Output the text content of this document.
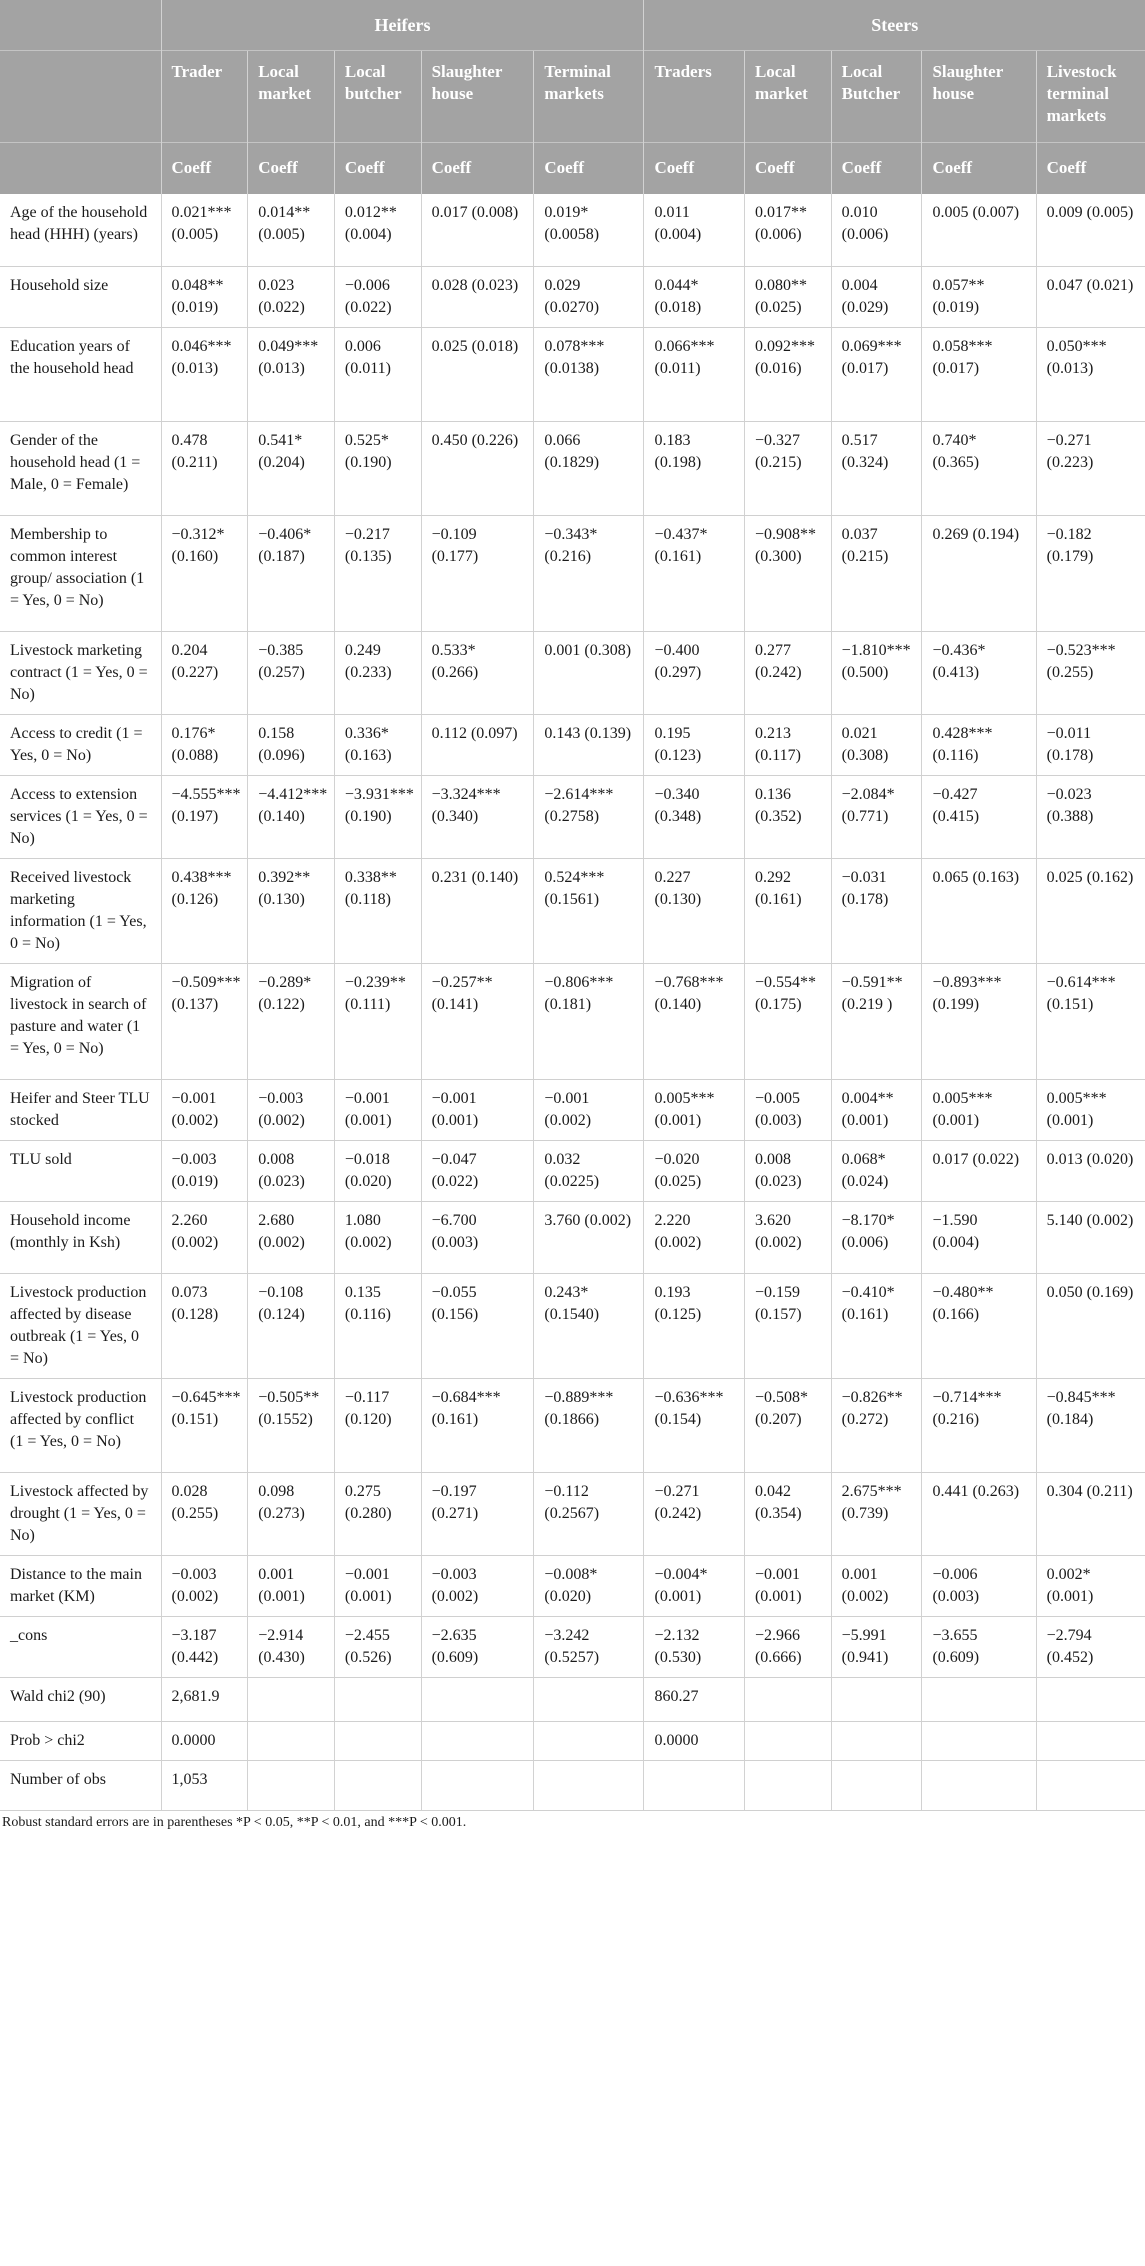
	Heifers					Steers				
	Trader	Local market	Local butcher	Slaughter house	Terminal markets	Traders	Local market	Local Butcher	Slaughter house	Livestock terminal markets
	Coeff	Coeff	Coeff	Coeff	Coeff	Coeff	Coeff	Coeff	Coeff	Coeff
Age of the household head (HHH) (years)	0.021*** (0.005)	0.014** (0.005)	0.012** (0.004)	0.017 (0.008)	0.019* (0.0058)	0.011 (0.004)	0.017** (0.006)	0.010 (0.006)	0.005 (0.007)	0.009 (0.005)
Household size	0.048** (0.019)	0.023 (0.022)	−0.006 (0.022)	0.028 (0.023)	0.029 (0.0270)	0.044* (0.018)	0.080** (0.025)	0.004 (0.029)	0.057** (0.019)	0.047 (0.021)
Education years of the household head	0.046*** (0.013)	0.049*** (0.013)	0.006 (0.011)	0.025 (0.018)	0.078*** (0.0138)	0.066*** (0.011)	0.092*** (0.016)	0.069*** (0.017)	0.058*** (0.017)	0.050*** (0.013)
Gender of the household head (1 = Male, 0 = Female)	0.478 (0.211)	0.541* (0.204)	0.525* (0.190)	0.450 (0.226)	0.066 (0.1829)	0.183 (0.198)	−0.327 (0.215)	0.517 (0.324)	0.740* (0.365)	−0.271 (0.223)
Membership to common interest group/ association (1 = Yes, 0 = No)	−0.312* (0.160)	−0.406* (0.187)	−0.217 (0.135)	−0.109 (0.177)	−0.343* (0.216)	−0.437* (0.161)	−0.908** (0.300)	0.037 (0.215)	0.269 (0.194)	−0.182 (0.179)
Livestock marketing contract (1 = Yes, 0 = No)	0.204 (0.227)	−0.385 (0.257)	0.249 (0.233)	0.533* (0.266)	0.001 (0.308)	−0.400 (0.297)	0.277 (0.242)	−1.810*** (0.500)	−0.436* (0.413)	−0.523*** (0.255)
Access to credit (1 = Yes, 0 = No)	0.176* (0.088)	0.158 (0.096)	0.336* (0.163)	0.112 (0.097)	0.143 (0.139)	0.195 (0.123)	0.213 (0.117)	0.021 (0.308)	0.428*** (0.116)	−0.011 (0.178)
Access to extension services (1 = Yes, 0 = No)	−4.555*** (0.197)	−4.412*** (0.140)	−3.931*** (0.190)	−3.324*** (0.340)	−2.614*** (0.2758)	−0.340 (0.348)	0.136 (0.352)	−2.084* (0.771)	−0.427 (0.415)	−0.023 (0.388)
Received livestock marketing information (1 = Yes, 0 = No)	0.438*** (0.126)	0.392** (0.130)	0.338** (0.118)	0.231 (0.140)	0.524*** (0.1561)	0.227 (0.130)	0.292 (0.161)	−0.031 (0.178)	0.065 (0.163)	0.025 (0.162)
Migration of livestock in search of pasture and water (1 = Yes, 0 = No)	−0.509*** (0.137)	−0.289* (0.122)	−0.239** (0.111)	−0.257** (0.141)	−0.806*** (0.181)	−0.768*** (0.140)	−0.554** (0.175)	−0.591** (0.219 )	−0.893*** (0.199)	−0.614*** (0.151)
Heifer and Steer TLU stocked	−0.001 (0.002)	−0.003 (0.002)	−0.001 (0.001)	−0.001 (0.001)	−0.001 (0.002)	0.005*** (0.001)	−0.005 (0.003)	0.004** (0.001)	0.005*** (0.001)	0.005*** (0.001)
TLU sold	−0.003 (0.019)	0.008 (0.023)	−0.018 (0.020)	−0.047 (0.022)	0.032 (0.0225)	−0.020 (0.025)	0.008 (0.023)	0.068* (0.024)	0.017 (0.022)	0.013 (0.020)
Household income (monthly in Ksh)	2.260 (0.002)	2.680 (0.002)	1.080 (0.002)	−6.700 (0.003)	3.760 (0.002)	2.220 (0.002)	3.620 (0.002)	−8.170* (0.006)	−1.590 (0.004)	5.140 (0.002)
Livestock production affected by disease outbreak (1 = Yes, 0 = No)	0.073 (0.128)	−0.108 (0.124)	0.135 (0.116)	−0.055 (0.156)	0.243* (0.1540)	0.193 (0.125)	−0.159 (0.157)	−0.410* (0.161)	−0.480** (0.166)	0.050 (0.169)
Livestock production affected by conflict (1 = Yes, 0 = No)	−0.645*** (0.151)	−0.505** (0.1552)	−0.117 (0.120)	−0.684*** (0.161)	−0.889*** (0.1866)	−0.636*** (0.154)	−0.508* (0.207)	−0.826** (0.272)	−0.714*** (0.216)	−0.845*** (0.184)
Livestock affected by drought (1 = Yes, 0 = No)	0.028 (0.255)	0.098 (0.273)	0.275 (0.280)	−0.197 (0.271)	−0.112 (0.2567)	−0.271 (0.242)	0.042 (0.354)	2.675*** (0.739)	0.441 (0.263)	0.304 (0.211)
Distance to the main market (KM)	−0.003 (0.002)	0.001 (0.001)	−0.001 (0.001)	−0.003 (0.002)	−0.008* (0.020)	−0.004* (0.001)	−0.001 (0.001)	0.001 (0.002)	−0.006 (0.003)	0.002* (0.001)
_cons	−3.187 (0.442)	−2.914 (0.430)	−2.455 (0.526)	−2.635 (0.609)	−3.242 (0.5257)	−2.132 (0.530)	−2.966 (0.666)	−5.991 (0.941)	−3.655 (0.609)	−2.794 (0.452)
Wald chi2 (90)	2,681.9					860.27				
Prob > chi2	0.0000					0.0000				
Number of obs	1,053									
Robust standard errors are in parentheses *P < 0.05, **P < 0.01, and ***P < 0.001.
